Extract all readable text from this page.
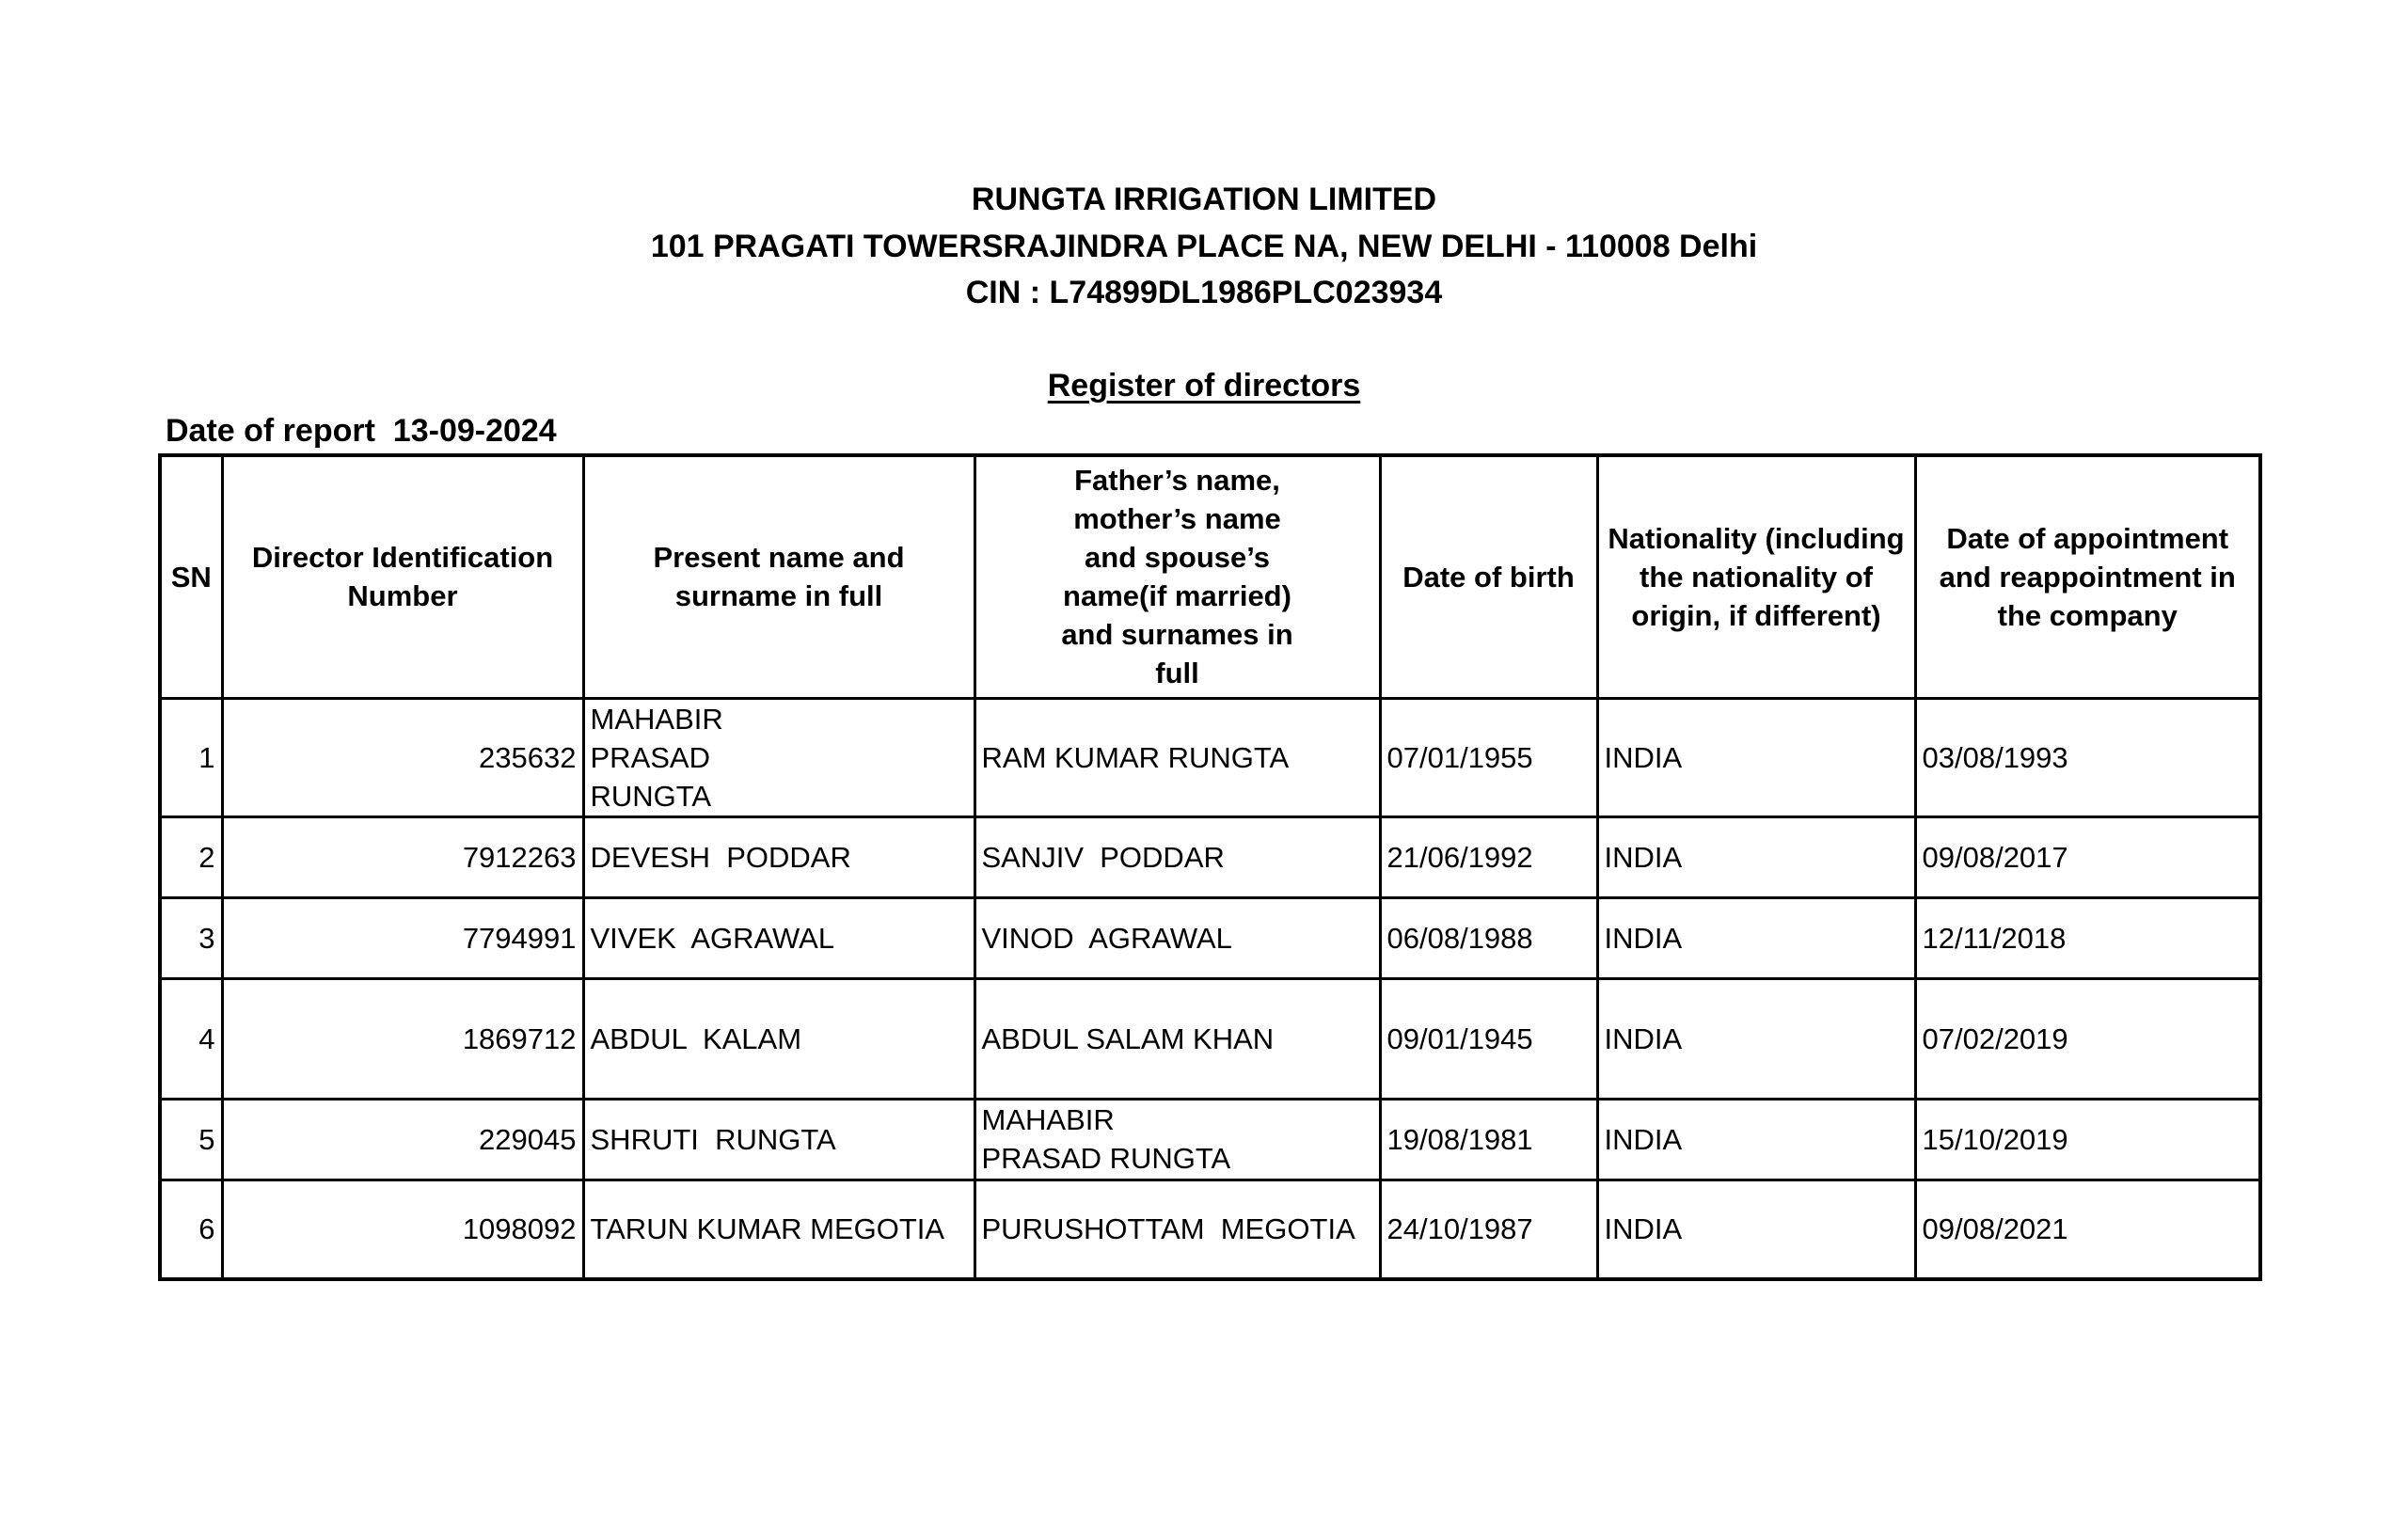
RUNGTA IRRIGATION LIMITED
101 PRAGATI TOWERSRAJINDRA PLACE NA, NEW DELHI - 110008 Delhi
CIN : L74899DL1986PLC023934
Register of directors
Date of report  13-09-2024
SN	Director Identification Number	Present name and surname in full	Father’s name, mother’s name and spouse’s name(if married) and surnames in full	Date of birth	Nationality (including the nationality of origin, if different)	Date of appointment and reappointment in the company
1	235632	MAHABIR PRASAD RUNGTA	RAM KUMAR RUNGTA	07/01/1955	INDIA	03/08/1993
2	7912263	DEVESH  PODDAR	SANJIV  PODDAR	21/06/1992	INDIA	09/08/2017
3	7794991	VIVEK  AGRAWAL	VINOD  AGRAWAL	06/08/1988	INDIA	12/11/2018
4	1869712	ABDUL  KALAM	ABDUL SALAM KHAN	09/01/1945	INDIA	07/02/2019
5	229045	SHRUTI  RUNGTA	MAHABIR PRASAD RUNGTA	19/08/1981	INDIA	15/10/2019
6	1098092	TARUN KUMAR MEGOTIA	PURUSHOTTAM  MEGOTIA	24/10/1987	INDIA	09/08/2021
